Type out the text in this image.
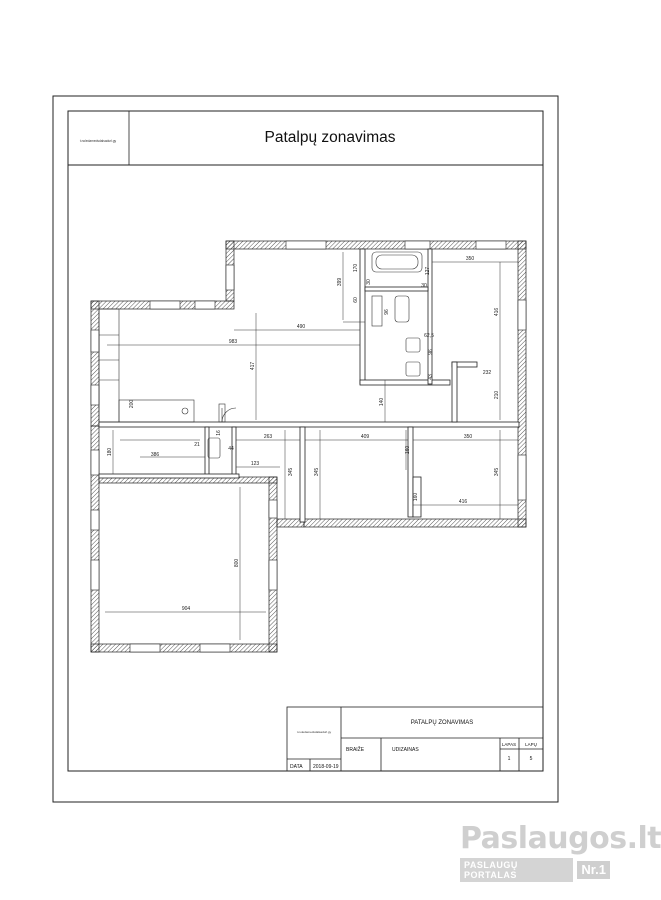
t.noledamedsdalsadurl.gy	Patalpų zonavimas
983
490
399
170
30
60
96
417
140
350
127
30
416
62,5
96
43
232
210
200
263	409	350
16
160
386
21
44
123
345	345	345
180
160
416
800
904
t.noledamedsdalsadurl.gy
PATALPŲ ZONAVIMAS
BRAIŽE	UDIZAINAS
LAPAS
1
LAPŲ
5
DATA 2018-09-19
Paslaugos.lt
PASLAUGŲ PORTALAS	Nr.1
